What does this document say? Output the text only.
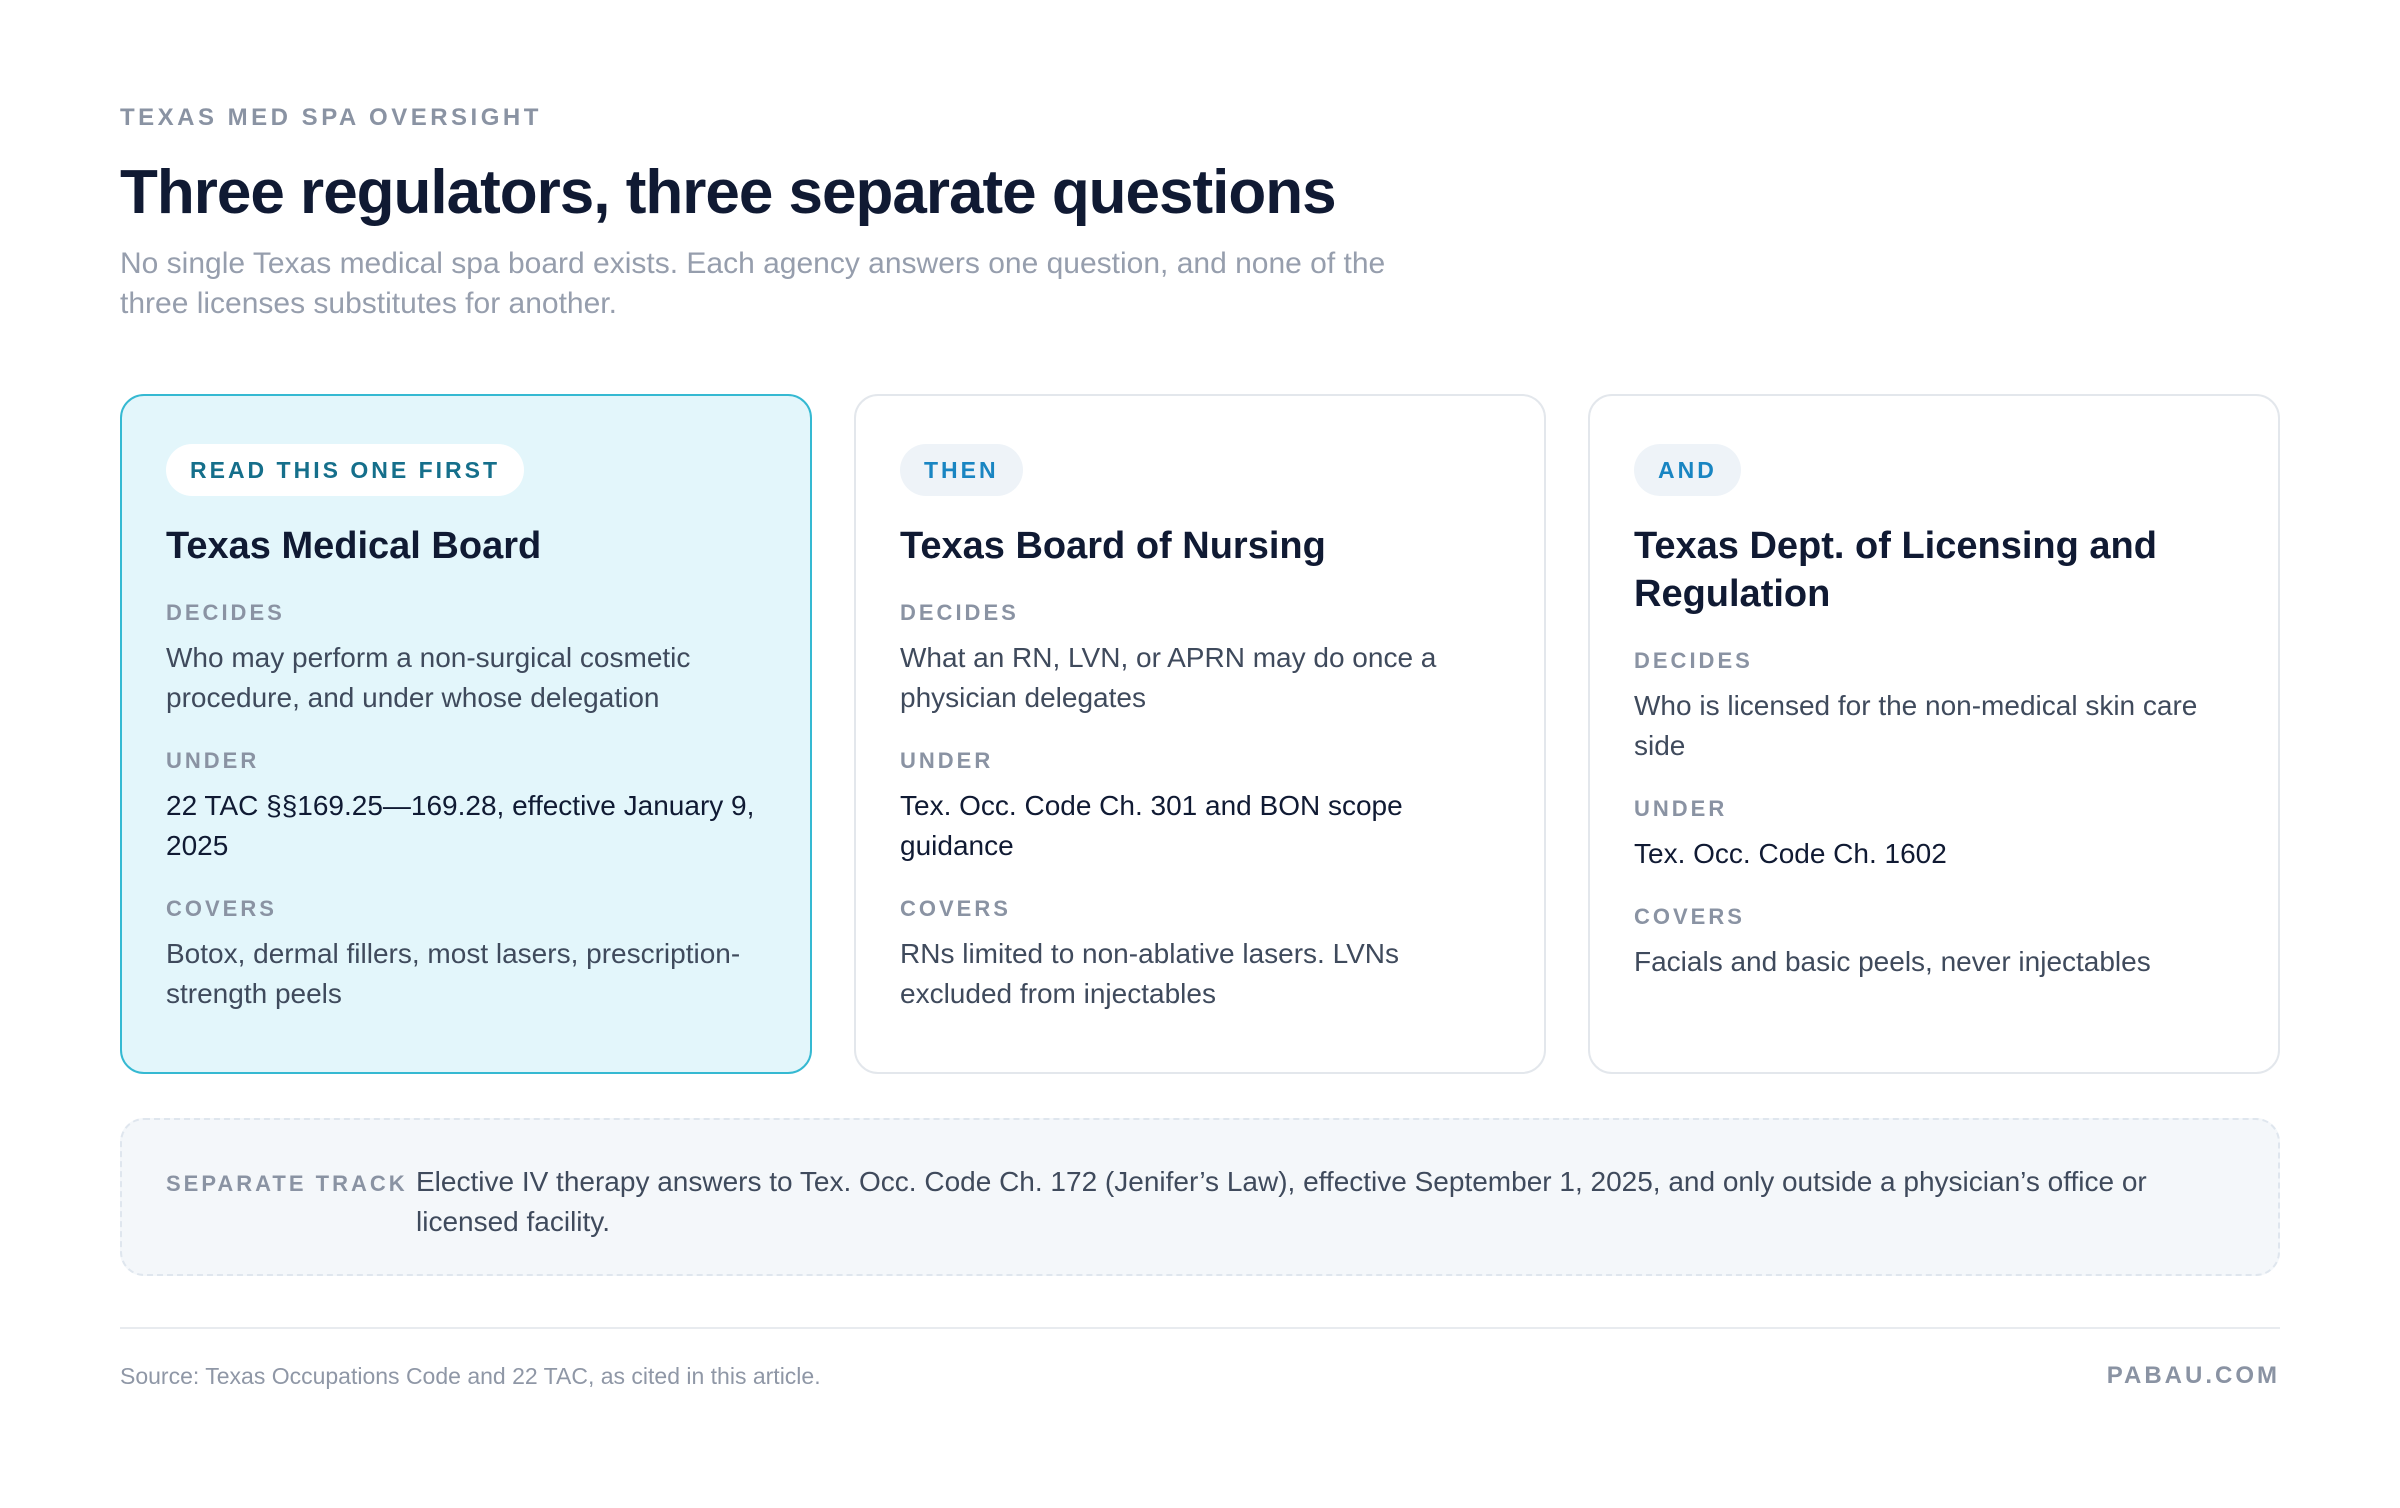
TEXAS MED SPA OVERSIGHT
Three regulators, three separate questions

No single Texas medical spa board exists. Each agency answers one question, and none of the three licenses substitutes for another.

READ THIS ONE FIRST
Texas Medical Board
DECIDES
Who may perform a non-surgical cosmetic procedure, and under whose delegation
UNDER
22 TAC §§169.25—169.28, effective January 9, 2025
COVERS
Botox, dermal fillers, most lasers, prescription-strength peels
THEN
Texas Board of Nursing
DECIDES
What an RN, LVN, or APRN may do once a physician delegates
UNDER
Tex. Occ. Code Ch. 301 and BON scope guidance
COVERS
RNs limited to non-ablative lasers. LVNs excluded from injectables
AND
Texas Dept. of Licensing and Regulation
DECIDES
Who is licensed for the non-medical skin care side
UNDER
Tex. Occ. Code Ch. 1602
COVERS
Facials and basic peels, never injectables
SEPARATE TRACK Elective IV therapy answers to Tex. Occ. Code Ch. 172 (Jenifer’s Law), effective September 1, 2025, and only outside a physician’s office or licensed facility.
Source: Texas Occupations Code and 22 TAC, as cited in this article.	PABAU.COM
